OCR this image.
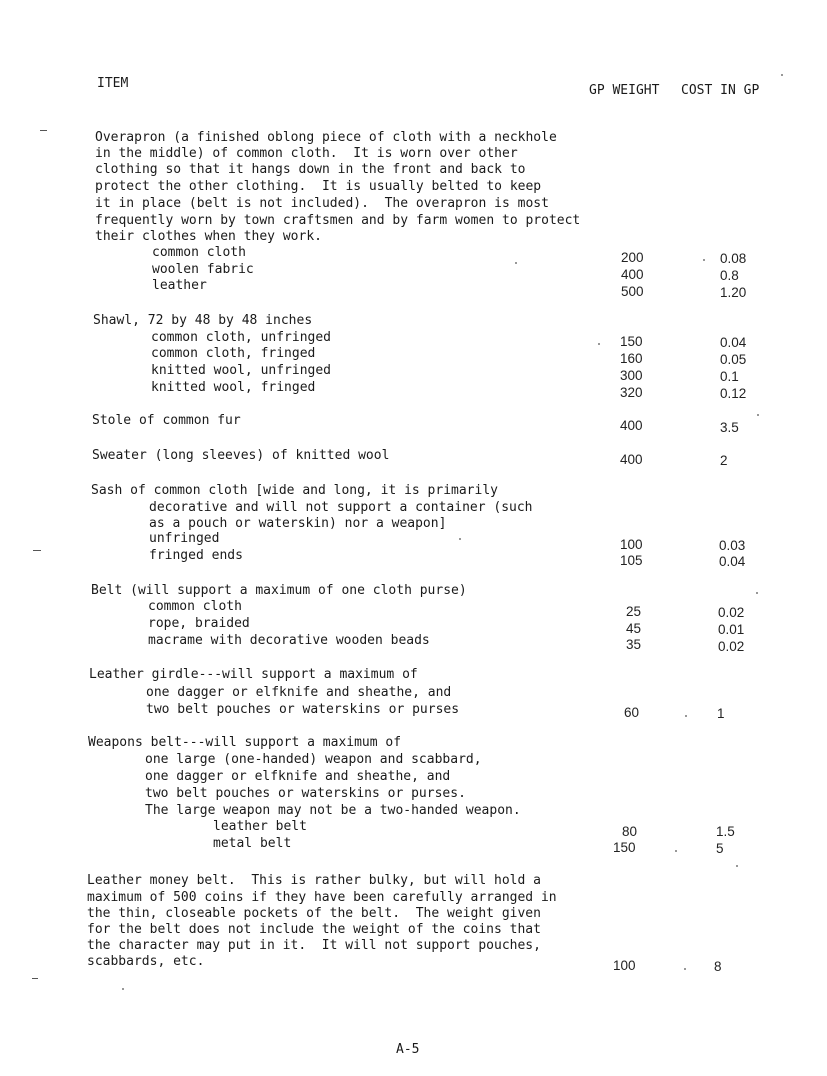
ITEM	GP WEIGHT COST IN GP
Overapron (a finished oblong piece of cloth with a neckhole
in the middle) of common cloth.  It is worn over other
clothing so that it hangs down in the front and back to
protect the other clothing.  It is usually belted to keep
it in place (belt is not included).  The overapron is most
frequently worn by town craftsmen and by farm women to protect
their clothes when they work.
common cloth	200	0.08
woolen fabric	400	0.8
leather	500	1.20
Shawl, 72 by 48 by 48 inches
common cloth, unfringed	150	0.04
common cloth, fringed	160	0.05
knitted wool, unfringed	300	0.1
knitted wool, fringed	320	0.12
Stole of common fur	400	3.5
Sweater (long sleeves) of knitted wool	400	2
Sash of common cloth [wide and long, it is primarily
decorative and will not support a container (such
as a pouch or waterskin) nor a weapon]
unfringed	100	0.03
fringed ends	105	0.04
Belt (will support a maximum of one cloth purse)
common cloth	25	0.02
rope, braided	45	0.01
macrame with decorative wooden beads	35	0.02
Leather girdle---will support a maximum of
one dagger or elfknife and sheathe, and
two belt pouches or waterskins or purses	60	1
Weapons belt---will support a maximum of
one large (one-handed) weapon and scabbard,
one dagger or elfknife and sheathe, and
two belt pouches or waterskins or purses.
The large weapon may not be a two-handed weapon.
leather belt	80	1.5
metal belt	150	5
Leather money belt.  This is rather bulky, but will hold a
maximum of 500 coins if they have been carefully arranged in
the thin, closeable pockets of the belt.  The weight given
for the belt does not include the weight of the coins that
the character may put in it.  It will not support pouches,
scabbards, etc.	100	8
A-5
